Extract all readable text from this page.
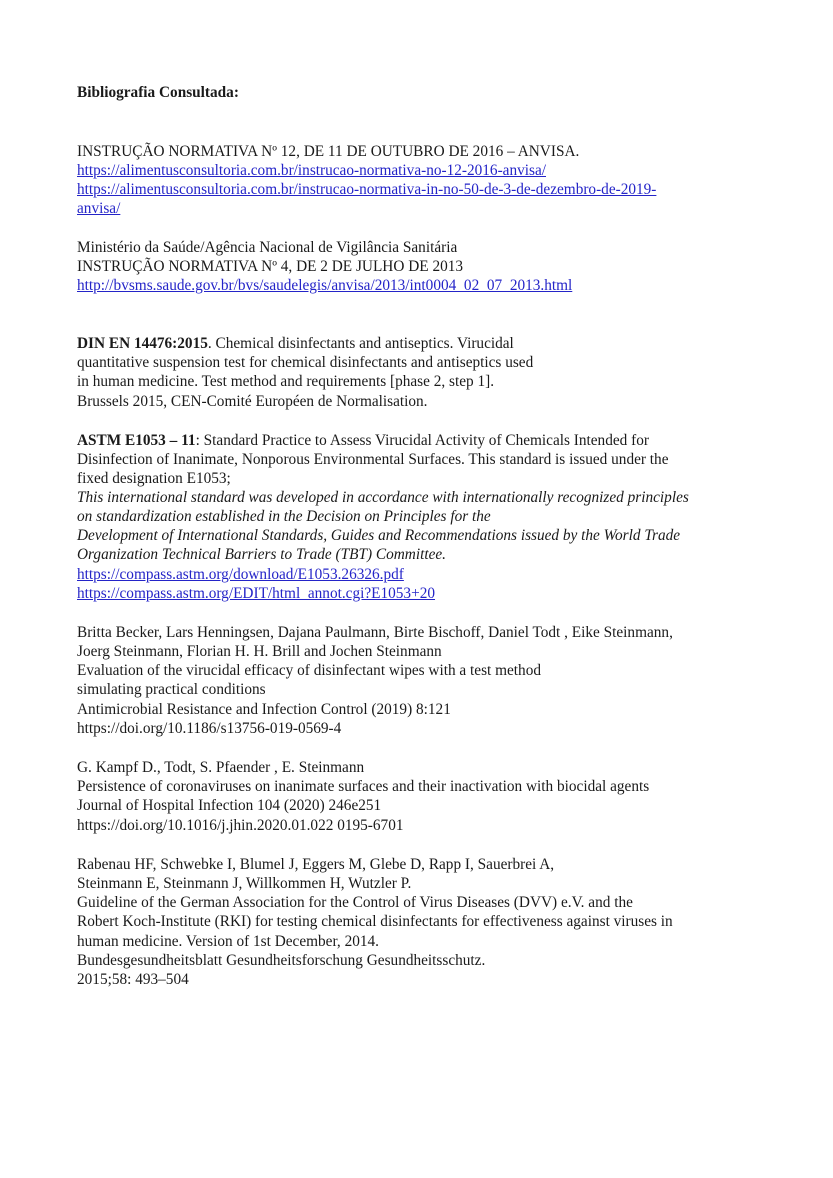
Bibliografia Consultada:
INSTRUÇÃO NORMATIVA Nº 12, DE 11 DE OUTUBRO DE 2016 – ANVISA.
https://alimentusconsultoria.com.br/instrucao-normativa-no-12-2016-anvisa/
https://alimentusconsultoria.com.br/instrucao-normativa-in-no-50-de-3-de-dezembro-de-2019-
anvisa/
Ministério da Saúde/Agência Nacional de Vigilância Sanitária
INSTRUÇÃO NORMATIVA Nº 4, DE 2 DE JULHO DE 2013
http://bvsms.saude.gov.br/bvs/saudelegis/anvisa/2013/int0004_02_07_2013.html
DIN EN 14476:2015. Chemical disinfectants and antiseptics. Virucidal
quantitative suspension test for chemical disinfectants and antiseptics used
in human medicine. Test method and requirements [phase 2, step 1].
Brussels 2015, CEN-Comité Européen de Normalisation.
ASTM E1053 – 11: Standard Practice to Assess Virucidal Activity of Chemicals Intended for
Disinfection of Inanimate, Nonporous Environmental Surfaces. This standard is issued under the
fixed designation E1053;
This international standard was developed in accordance with internationally recognized principles
on standardization established in the Decision on Principles for the
Development of International Standards, Guides and Recommendations issued by the World Trade
Organization Technical Barriers to Trade (TBT) Committee.
https://compass.astm.org/download/E1053.26326.pdf
https://compass.astm.org/EDIT/html_annot.cgi?E1053+20
Britta Becker, Lars Henningsen, Dajana Paulmann, Birte Bischoff, Daniel Todt , Eike Steinmann,
Joerg Steinmann, Florian H. H. Brill and Jochen Steinmann
Evaluation of the virucidal efficacy of disinfectant wipes with a test method
simulating practical conditions
Antimicrobial Resistance and Infection Control (2019) 8:121
https://doi.org/10.1186/s13756-019-0569-4
G. Kampf D., Todt, S. Pfaender , E. Steinmann
Persistence of coronaviruses on inanimate surfaces and their inactivation with biocidal agents
Journal of Hospital Infection 104 (2020) 246e251
https://doi.org/10.1016/j.jhin.2020.01.022 0195-6701
Rabenau HF, Schwebke I, Blumel J, Eggers M, Glebe D, Rapp I, Sauerbrei A,
Steinmann E, Steinmann J, Willkommen H, Wutzler P.
Guideline of the German Association for the Control of Virus Diseases (DVV) e.V. and the
Robert Koch-Institute (RKI) for testing chemical disinfectants for effectiveness against viruses in
human medicine. Version of 1st December, 2014.
Bundesgesundheitsblatt Gesundheitsforschung Gesundheitsschutz.
2015;58: 493–504
